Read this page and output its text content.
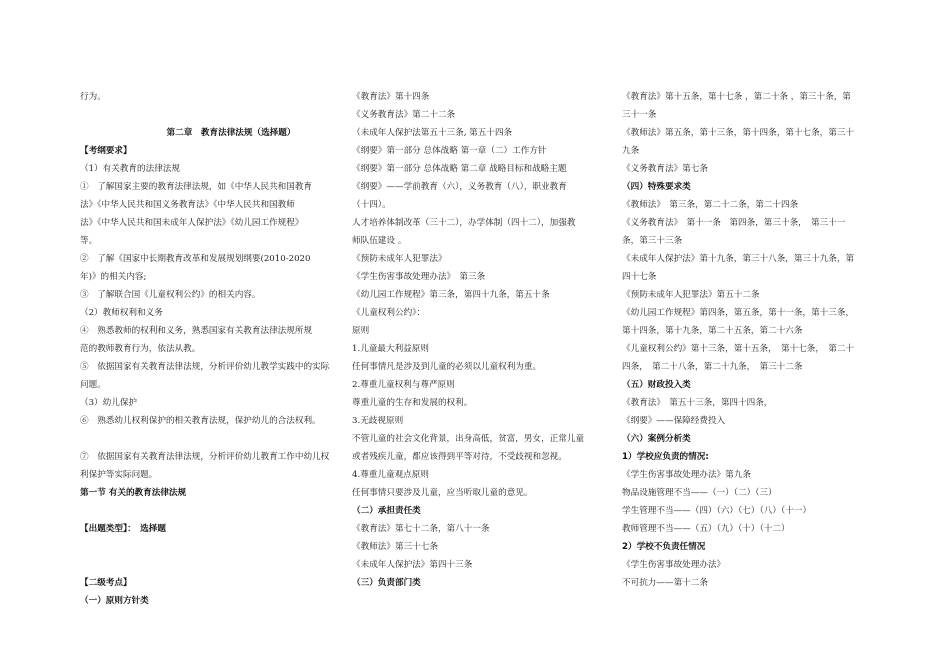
行为。
第二章　教育法律法规（选择题）
【考纲要求】
（1）有关教育的法律法规
①　了解国家主要的教育法律法规，如《中华人民共和国教育
法》《中华人民共和国义务教育法》《中华人民共和国教师
法》《中华人民共和国未成年人保护法》《幼儿园工作规程》
等。
②　了解《国家中长期教育改革和发展规划纲要(2010-2020
年)》的相关内容;
③　了解联合国《儿童权利公约》的相关内容。
（2）教师权利和义务
④　熟悉教师的权利和义务，熟悉国家有关教育法律法规所规
范的教师教育行为，依法从教。
⑤　依据国家有关教育法律法规，分析评价幼儿教学实践中的实际
问题。
（3）幼儿保护
⑥　熟悉幼儿权利保护的相关教育法规，保护幼儿的合法权利。
⑦　依据国家有关教育法律法规，分析评价幼儿教育工作中幼儿权
利保护等实际问题。
第一节 有关的教育法律法规
【出题类型】：　选择题
【二级考点】
（一）原则方针类
《教育法》第十四条
《义务教育法》第二十二条
（未成年人保护法第五十三条, 第五十四条
《纲要》第一部分 总体战略 第一章（二）工作方针
《纲要》第一部分 总体战略 第二章 战略目标和战略主题
《纲要》——学前教育（六），义务教育（八），职业教育
（十四）。
人才培养体制改革（三十二），办学体制（四十二），加强教
师队伍建设 。
《预防未成年人犯罪法》
《学生伤害事故处理办法》　第三条
《幼儿园工作规程》第三条，第四十九条，第五十条
《儿童权利公约》：
原则
1.儿童最大利益原则
任何事情凡是涉及到儿童的必须以儿童权利为重。
2.尊重儿童权利与尊严原则
尊重儿童的生存和发展的权利。
3.无歧视原则
不管儿童的社会文化背景，出身高低，贫富，男女，正常儿童
或者残疾儿童，都应该得到平等对待，不受歧视和忽视。
4.尊重儿童观点原则
任何事情只要涉及儿童，应当听取儿童的意见。
（二）承担责任类
《教育法》第七十二条，第八十一条
《教师法》第三十七条
《未成年人保护法》第四十三条
（三）负责部门类
《教育法》第十五条，第十七条 ，第二十条 ，第三十条，第
三十一条
《教师法》第五条，第十三条，第十四条，第十七条，第三十
九条
《义务教育法》第七条
（四）特殊要求类
《教师法》　第三条，第二十二条，第二十四条
《义务教育法》　第十一条　第四条，第三十条，　第三十一
条，第三十三条
《未成年人保护法》第十九条，第三十八条，第三十九条，第
四十七条
《预防未成年人犯罪法》第五十二条
《幼儿园工作规程》第四条，第五条，第十一条，第十三条，
第十四条，第十九条，第二十五条，第二十六条
《儿童权利公约》第十三条，第十五条，　第十七条，　第二十
四条，　第二十八条，第二十九条，　第三十二条
（五）财政投入类
《教育法》　第五十三条，第四十四条，
《纲要》——保障经费投入
（六）案例分析类
1）学校应负责的情况:
《学生伤害事故处理办法》第九条
物品设施管理不当——（一）（二）（三）
学生管理不当——（四）（六）（七）（八）（十一）
教师管理不当——（五）（九）（十）（十二）
2）学校不负责任情况
《学生伤害事故处理办法》
不可抗力——第十二条
